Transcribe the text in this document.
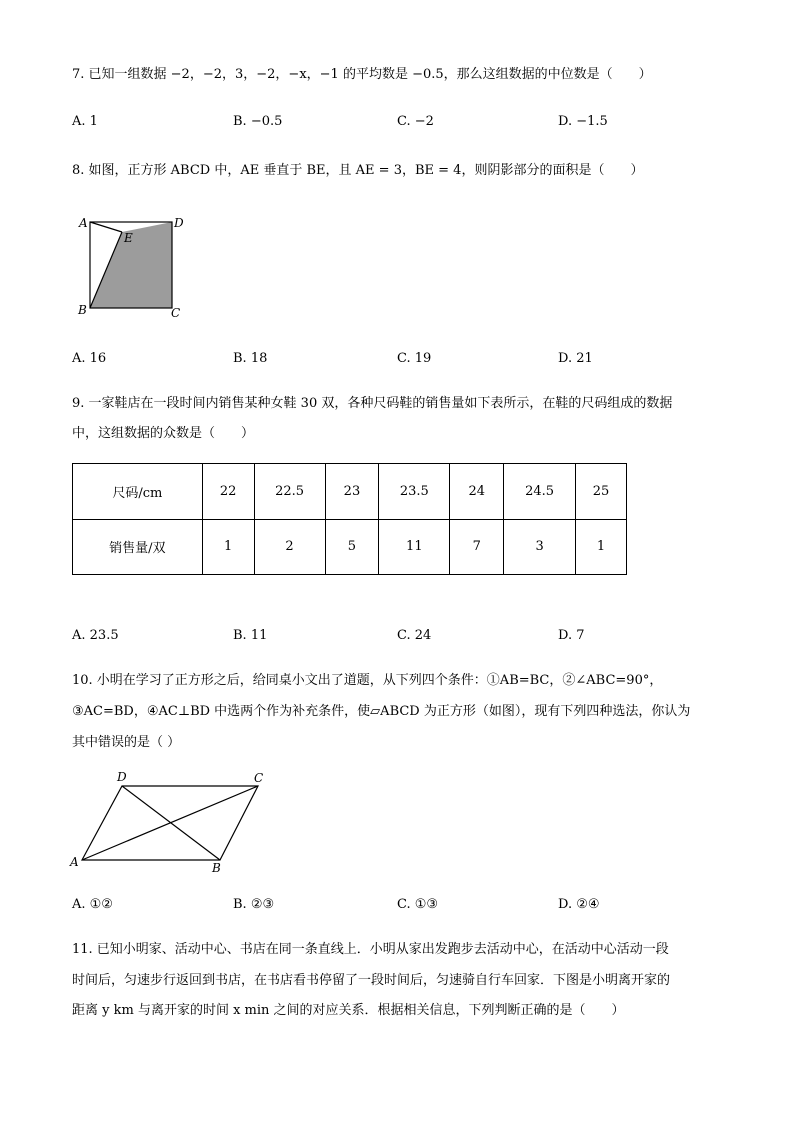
7. 已知一组数据 −2，−2，3，−2，−x，−1 的平均数是 −0.5，那么这组数据的中位数是（　　）
A. 1	B. −0.5	C. −2	D. −1.5
8. 如图，正方形 ABCD 中，AE 垂直于 BE，且 AE = 3，BE = 4，则阴影部分的面积是（　　）
A	D
E
B	C
A. 16	B. 18	C. 19	D. 21
9. 一家鞋店在一段时间内销售某种女鞋 30 双，各种尺码鞋的销售量如下表所示，在鞋的尺码组成的数据
中，这组数据的众数是（　　）
尺码/cm	22	22.5	23	23.5	24	24.5	25
销售量/双	1	2	5	11	7	3	1
A. 23.5	B. 11	C. 24	D. 7
10. 小明在学习了正方形之后，给同桌小文出了道题，从下列四个条件：①AB=BC，②∠ABC=90°，
③AC=BD，④AC⊥BD 中选两个作为补充条件，使▱ABCD 为正方形（如图），现有下列四种选法，你认为
其中错误的是（ ）
D	C
A	B
A. ①②	B. ②③	C. ①③	D. ②④
11. 已知小明家、活动中心、书店在同一条直线上．小明从家出发跑步去活动中心，在活动中心活动一段
时间后，匀速步行返回到书店，在书店看书停留了一段时间后，匀速骑自行车回家．下图是小明离开家的
距离 y km 与离开家的时间 x min 之间的对应关系．根据相关信息，下列判断正确的是（　　）
